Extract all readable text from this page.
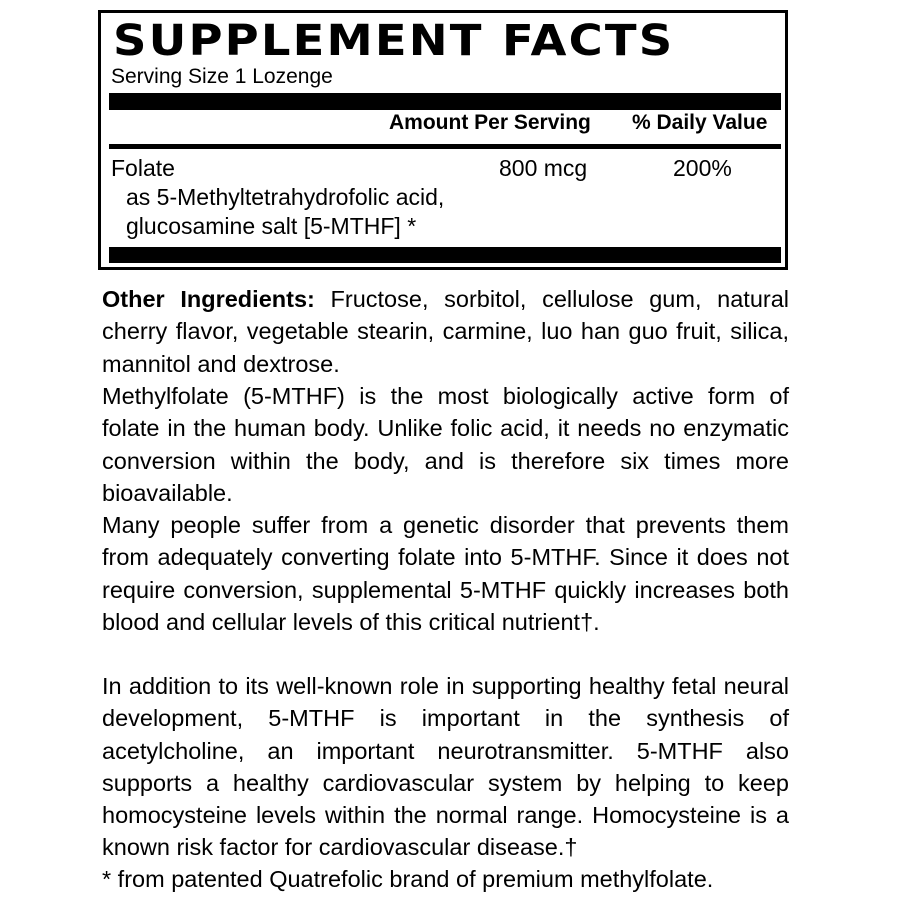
SUPPLEMENT FACTS
Serving Size 1 Lozenge
Amount Per Serving % Daily Value
Folate
as 5-Methyltetrahydrofolic acid,
glucosamine salt [5-MTHF] *
800 mcg	200%
Other Ingredients: Fructose, sorbitol, cellulose gum, natural cherry flavor, vegetable stearin, carmine, luo han guo fruit, silica, mannitol and dextrose.
Methylfolate (5-MTHF) is the most biologically active form of folate in the human body. Unlike folic acid, it needs no enzymatic conversion within the body, and is therefore six times more bioavailable.
Many people suffer from a genetic disorder that prevents them from adequately converting folate into 5-MTHF. Since it does not require conversion, supplemental 5-MTHF quickly increases both blood and cellular levels of this critical nutrient†.
In addition to its well-known role in supporting healthy fetal neural development, 5-MTHF is important in the synthesis of acetylcholine, an important neurotransmitter. 5-MTHF also supports a healthy cardiovascular system by helping to keep homocysteine levels within the normal range. Homocysteine is a known risk factor for cardiovascular disease.†
* from patented Quatrefolic brand of premium methylfolate.
